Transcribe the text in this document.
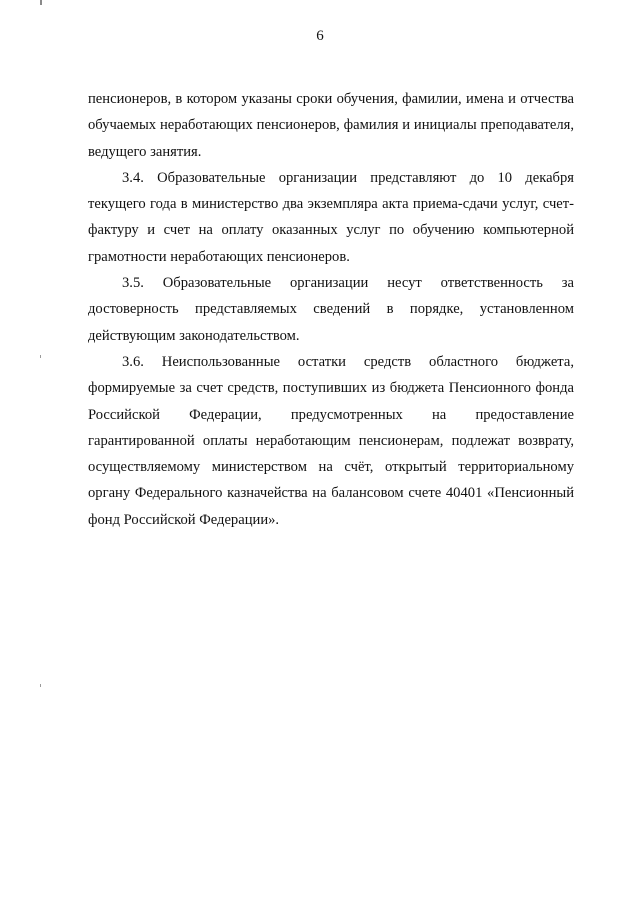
6

пенсионеров, в котором указаны сроки обучения, фамилии, имена и отчества обучаемых неработающих пенсионеров, фамилия и инициалы преподавателя, ведущего занятия.

3.4. Образовательные организации представляют до 10 декабря текущего года в министерство два экземпляра акта приема-сдачи услуг, счет-фактуру и счет на оплату оказанных услуг по обучению компьютерной грамотности неработающих пенсионеров.

3.5. Образовательные организации несут ответственность за достоверность представляемых сведений в порядке, установленном действующим законодательством.

3.6. Неиспользованные остатки средств областного бюджета, формируемые за счет средств, поступивших из бюджета Пенсионного фонда Российской Федерации, предусмотренных на предоставление гарантированной оплаты неработающим пенсионерам, подлежат возврату, осуществляемому министерством на счёт, открытый территориальному органу Федерального казначейства на балансовом счете 40401 «Пенсионный фонд Российской Федерации».
